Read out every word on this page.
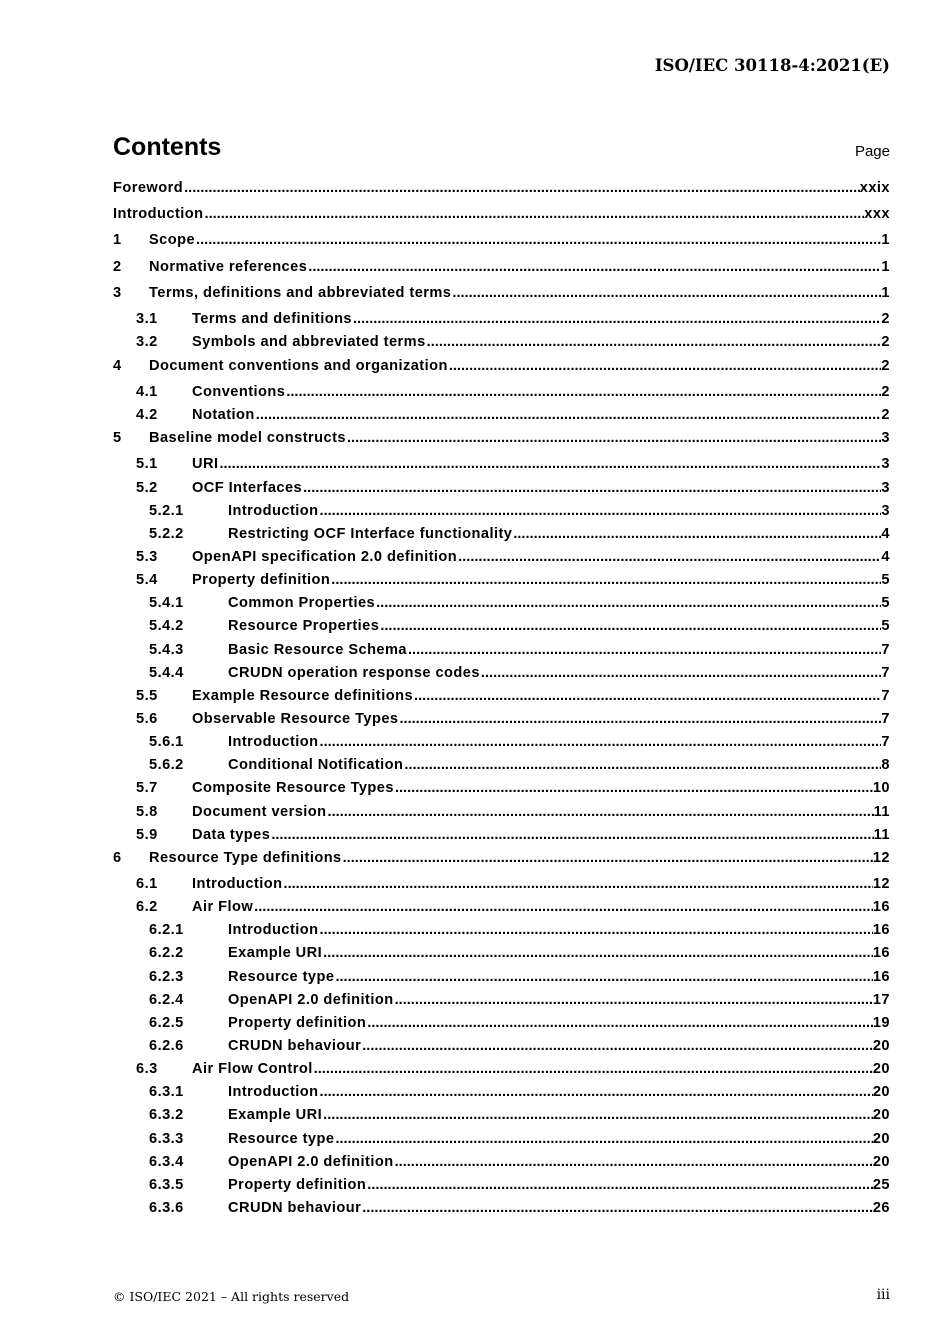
ISO/IEC 30118-4:2021(E)
Contents	Page
Foreword .....	xxix
Introduction .....	xxx
1	Scope .....	1
2	Normative references .....	1
3	Terms, definitions and abbreviated terms .....	1
3.1	Terms and definitions .....	2
3.2	Symbols and abbreviated terms .....	2
4	Document conventions and organization .....	2
4.1	Conventions .....	2
4.2	Notation .....	2
5	Baseline model constructs .....	3
5.1	URI .....	3
5.2	OCF Interfaces .....	3
5.2.1	Introduction .....	3
5.2.2	Restricting OCF Interface functionality .....	4
5.3	OpenAPI specification 2.0 definition .....	4
5.4	Property definition .....	5
5.4.1	Common Properties .....	5
5.4.2	Resource Properties .....	5
5.4.3	Basic Resource Schema .....	7
5.4.4	CRUDN operation response codes .....	7
5.5	Example Resource definitions .....	7
5.6	Observable Resource Types .....	7
5.6.1	Introduction .....	7
5.6.2	Conditional Notification .....	8
5.7	Composite Resource Types .....	10
5.8	Document version .....	11
5.9	Data types .....	11
6	Resource Type definitions .....	12
6.1	Introduction .....	12
6.2	Air Flow .....	16
6.2.1	Introduction .....	16
6.2.2	Example URI .....	16
6.2.3	Resource type .....	16
6.2.4	OpenAPI 2.0 definition .....	17
6.2.5	Property definition .....	19
6.2.6	CRUDN behaviour .....	20
6.3	Air Flow Control .....	20
6.3.1	Introduction .....	20
6.3.2	Example URI .....	20
6.3.3	Resource type .....	20
6.3.4	OpenAPI 2.0 definition .....	20
6.3.5	Property definition .....	25
6.3.6	CRUDN behaviour .....	26
© ISO/IEC 2021 – All rights reserved	iii
